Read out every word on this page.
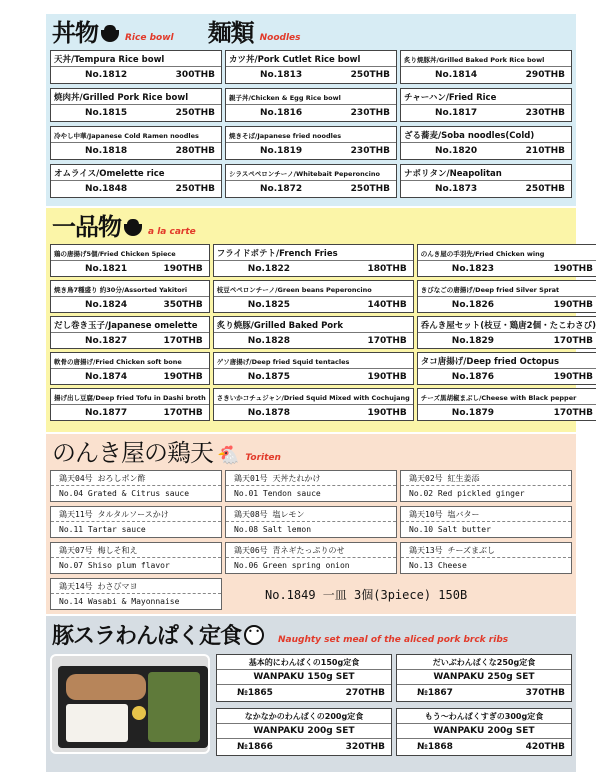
丼物	Rice bowl 麺類 Noodles
天丼/Tempura Rice bowl
No.1812	300THB
カツ丼/Pork Cutlet Rice bowl
No.1813	250THB
炙り焼豚丼/Grilled Baked Pork Rice bowl
No.1814	290THB
焼肉丼/Grilled Pork Rice bowl
No.1815	250THB
親子丼/Chicken & Egg Rice bowl
No.1816	230THB
チャーハン/Fried Rice
No.1817	230THB
冷やし中華/Japanese Cold Ramen noodles
No.1818	280THB
焼きそば/Japanese fried noodles
No.1819	230THB
ざる蕎麦/Soba noodles(Cold)
No.1820	210THB
オムライス/Omelette rice
No.1848	250THB
シラスペペロンチーノ/Whitebait Peperoncino
No.1872	250THB
ナポリタン/Neapolitan
No.1873	250THB
一品物	a la carte
鶏の唐揚げ5個/Fried Chicken 5piece
No.1821	190THB
フライドポテト/French Fries
No.1822	180THB
のんき屋の手羽先/Fried Chicken wing
No.1823	190THB
焼き鳥7種盛り 約30分/Assorted Yakitori
No.1824	350THB
枝豆ペペロンチーノ/Green beans Peperoncino
No.1825	140THB
きびなごの唐揚げ/Deep fried Silver Sprat
No.1826	190THB
だし巻き玉子/Japanese omelette
No.1827	170THB
炙り焼豚/Grilled Baked Pork
No.1828	170THB
呑んき屋セット(枝豆・鶏唐2個・たこわさび)
No.1829	170THB
軟骨の唐揚げ/Fried Chicken soft bone
No.1874	190THB
ゲソ唐揚げ/Deep fried Squid tentacles
No.1875	190THB
タコ唐揚げ/Deep fried Octopus
No.1876	190THB
揚げ出し豆腐/Deep fried Tofu in Dashi broth
No.1877	170THB
さきいかコチュジャン/Dried Squid Mixed with Cochujang
No.1878	190THB
チーズ黒胡椒まぶし/Cheese with Black pepper
No.1879	170THB
のんき屋の鶏天 🐔 Toriten
鶏天04号 おろしポン酢
No.04 Grated & Citrus sauce
鶏天01号 天丼たれかけ
No.01 Tendon sauce
鶏天02号 紅生姜添
No.02 Red pickled ginger
鶏天11号 タルタルソースかけ
No.11 Tartar sauce
鶏天08号 塩レモン
No.08 Salt lemon
鶏天10号 塩バター
No.10 Salt butter
鶏天07号 梅しそ和え
No.07 Shiso plum flavor
鶏天06号 青ネギたっぷりのせ
No.06 Green spring onion
鶏天13号 チーズまぶし
No.13 Cheese
鶏天14号 わさびマヨ
No.14 Wasabi & Mayonnaise	No.1849 一皿 3個(3piece) 150B
豚スラわんぱく定食
• •	Naughty set meal of the aliced pork brck ribs
基本的にわんぱくの150g定食
WANPAKU 150g SET
№1865	270THB
だいぶわんぱくな250g定食
WANPAKU 250g SET
№1867	370THB
なかなかのわんぱくの200g定食
WANPAKU 200g SET
№1866	320THB
もう〜わんぱくすぎの300g定食
WANPAKU 200g SET
№1868	420THB
